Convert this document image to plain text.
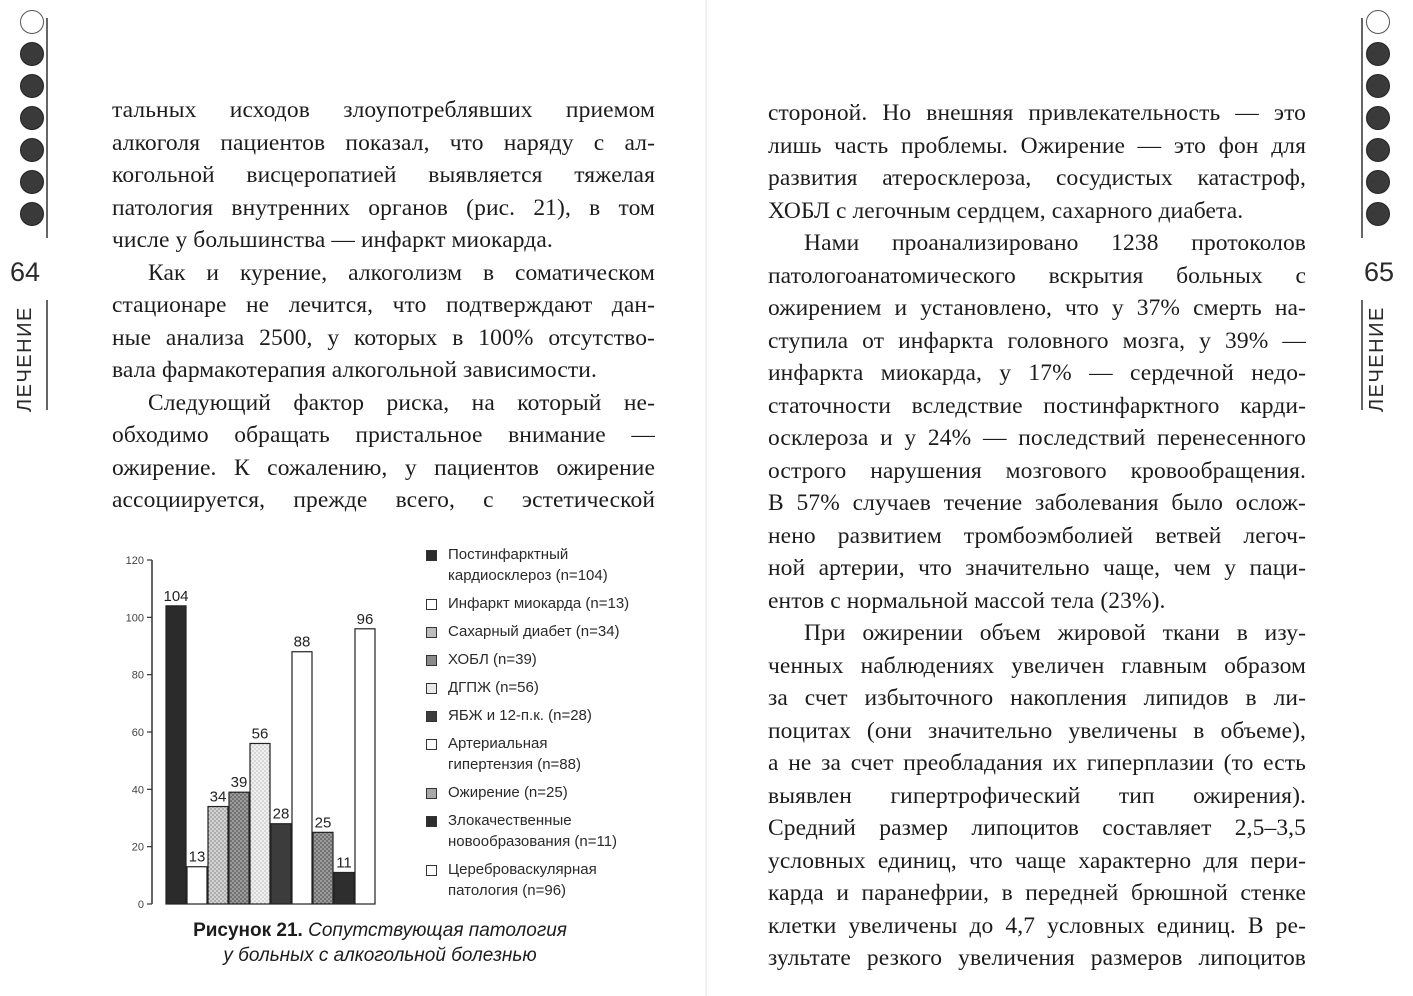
64
ЛЕЧЕНИЕ
тальных исходов злоупотреблявших приемом
алкоголя пациентов показал, что наряду с ал-
когольной висцеропатией выявляется тяжелая
патология внутренних органов (рис. 21), в том
числе у большинства — инфаркт миокарда.
Как и курение, алкоголизм в соматическом
стационаре не лечится, что подтверждают дан-
ные анализа 2500, у которых в 100% отсутство-
вала фармакотерапия алкогольной зависимости.
Следующий фактор риска, на который не-
обходимо обращать пристальное внимание —
ожирение. К сожалению, у пациентов ожирение
ассоциируется, прежде всего, с эстетической
0
20
40
60
80
100
120
104
13
34
39
56
28
88
25
11
96
Постинфарктный
кардиосклероз (n=104)
Инфаркт миокарда (n=13)
Сахарный диабет (n=34)
ХОБЛ (n=39)
ДГПЖ (n=56)
ЯБЖ и 12-п.к. (n=28)
Артериальная
гипертензия (n=88)
Ожирение (n=25)
Злокачественные
новообразования (n=11)
Цереброваскулярная
патология (n=96)
Рисунок 21. Сопутствующая патология
у больных с алкогольной болезнью
65
ЛЕЧЕНИЕ
стороной. Но внешняя привлекательность — это
лишь часть проблемы. Ожирение — это фон для
развития атеросклероза, сосудистых катастроф,
ХОБЛ с легочным сердцем, сахарного диабета.
Нами проанализировано 1238 протоколов
патологоанатомического вскрытия больных с
ожирением и установлено, что у 37% смерть на-
ступила от инфаркта головного мозга, у 39% —
инфаркта миокарда, у 17% — сердечной недо-
статочности вследствие постинфарктного карди-
осклероза и у 24% — последствий перенесенного
острого нарушения мозгового кровообращения.
В 57% случаев течение заболевания было ослож-
нено развитием тромбоэмболией ветвей легоч-
ной артерии, что значительно чаще, чем у паци-
ентов с нормальной массой тела (23%).
При ожирении объем жировой ткани в изу-
ченных наблюдениях увеличен главным образом
за счет избыточного накопления липидов в ли-
поцитах (они значительно увеличены в объеме),
а не за счет преобладания их гиперплазии (то есть
выявлен гипертрофический тип ожирения).
Средний размер липоцитов составляет 2,5–3,5
условных единиц, что чаще характерно для пери-
карда и паранефрии, в передней брюшной стенке
клетки увеличены до 4,7 условных единиц. В ре-
зультате резкого увеличения размеров липоцитов
